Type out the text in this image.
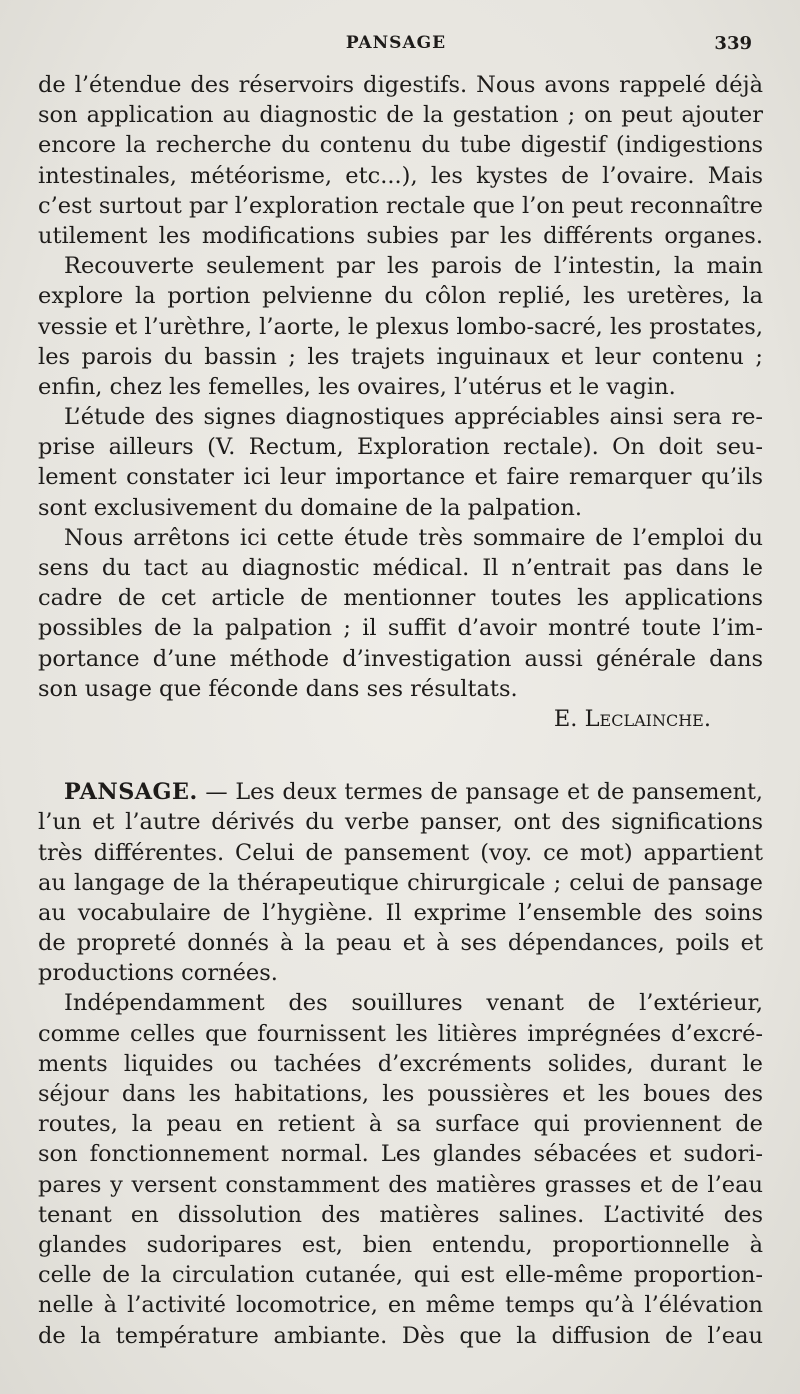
PANSAGE	339
de l’étendue des réservoirs digestifs. Nous avons rappelé déjà
son application au diagnostic de la gestation ; on peut ajouter
encore la recherche du contenu du tube digestif (indigestions
intestinales, météorisme, etc...), les kystes de l’ovaire. Mais
c’est surtout par l’exploration rectale que l’on peut reconnaître
utilement les modifications subies par les différents organes.
Recouverte seulement par les parois de l’intestin, la main
explore la portion pelvienne du côlon replié, les uretères, la
vessie et l’urèthre, l’aorte, le plexus lombo-sacré, les prostates,
les parois du bassin ; les trajets inguinaux et leur contenu ;
enfin, chez les femelles, les ovaires, l’utérus et le vagin.
L’étude des signes diagnostiques appréciables ainsi sera re-
prise ailleurs (V. Rectum, Exploration rectale). On doit seu-
lement constater ici leur importance et faire remarquer qu’ils
sont exclusivement du domaine de la palpation.
Nous arrêtons ici cette étude très sommaire de l’emploi du
sens du tact au diagnostic médical. Il n’entrait pas dans le
cadre de cet article de mentionner toutes les applications
possibles de la palpation ; il suffit d’avoir montré toute l’im-
portance d’une méthode d’investigation aussi générale dans
son usage que féconde dans ses résultats.
E. Leclainche.
PANSAGE. — Les deux termes de pansage et de pansement,
l’un et l’autre dérivés du verbe panser, ont des significations
très différentes. Celui de pansement (voy. ce mot) appartient
au langage de la thérapeutique chirurgicale ; celui de pansage
au vocabulaire de l’hygiène. Il exprime l’ensemble des soins
de propreté donnés à la peau et à ses dépendances, poils et
productions cornées.
Indépendamment des souillures venant de l’extérieur,
comme celles que fournissent les litières imprégnées d’excré-
ments liquides ou tachées d’excréments solides, durant le
séjour dans les habitations, les poussières et les boues des
routes, la peau en retient à sa surface qui proviennent de
son fonctionnement normal. Les glandes sébacées et sudori-
pares y versent constamment des matières grasses et de l’eau
tenant en dissolution des matières salines. L’activité des
glandes sudoripares est, bien entendu, proportionnelle à
celle de la circulation cutanée, qui est elle-même proportion-
nelle à l’activité locomotrice, en même temps qu’à l’élévation
de la température ambiante. Dès que la diffusion de l’eau
